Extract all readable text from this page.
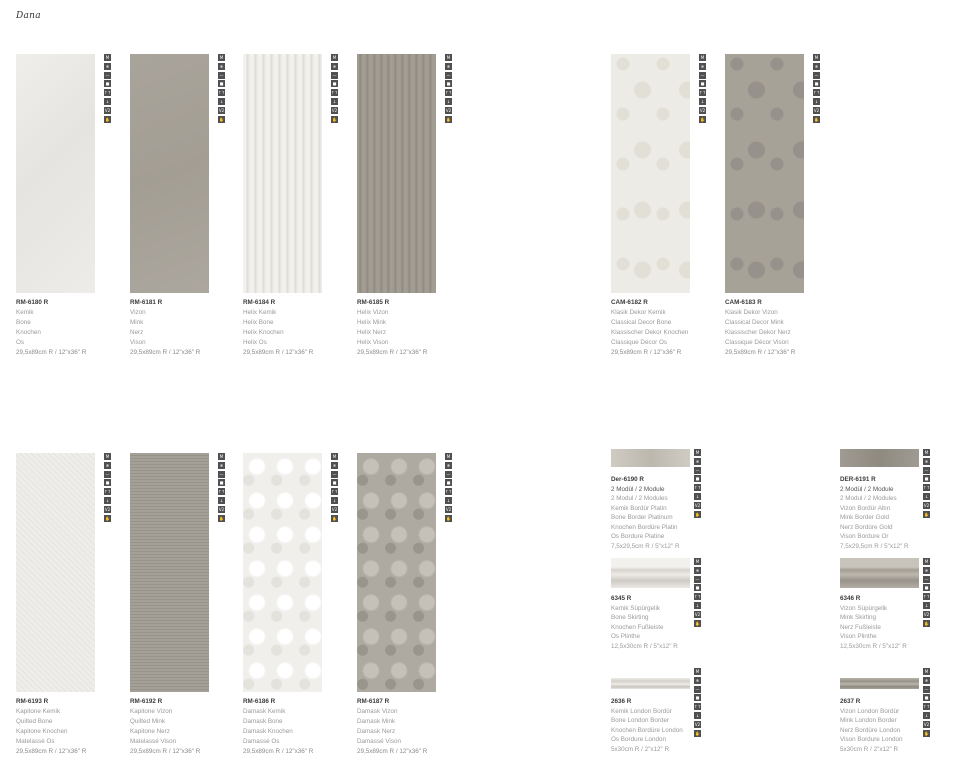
Dana
M
❄
—
■
↑↑
↓
V2
✋
RM-6180 R
Kemik
Bone
Knochen
Os
29,5x89cm R / 12"x36" R
M
❄
—
■
↑↑
↓
V2
✋
RM-6181 R
Vizon
Mink
Nerz
Vison
29,5x89cm R / 12"x36" R
M
❄
—
■
↑↑
↓
V2
✋
RM-6184 R
Helix Kemik
Helix Bone
Helix Knochen
Helix Os
29,5x89cm R / 12"x36" R
M
❄
—
■
↑↑
↓
V2
✋
RM-6185 R
Helix Vizon
Helix Mink
Helix Nerz
Helix Vison
29,5x89cm R / 12"x36" R
M
❄
—
■
↑↑
↓
V2
✋
CAM-6182 R
Klasik Dekor Kemik
Classical Decor Bone
Klassischer Dekor Knochen
Classique Décor Os
29,5x89cm R / 12"x36" R
M
❄
—
■
↑↑
↓
V2
✋
CAM-6183 R
Klasik Dekor Vizon
Classical Decor Mink
Klassischer Dekor Nerz
Classique Décor Vison
29,5x89cm R / 12"x36" R
M
❄
—
■
↑↑
↓
V2
✋
RM-6193 R
Kapitone Kemik
Quilted Bone
Kapitone Knochen
Matelassé Os
29,5x89cm R / 12"x36" R
M
❄
—
■
↑↑
↓
V2
✋
RM-6192 R
Kapitone Vizon
Quilted Mink
Kapitone Nerz
Matelassé Vison
29,5x89cm R / 12"x36" R
M
❄
—
■
↑↑
↓
V2
✋
RM-6186 R
Damask Kemik
Damask Bone
Damask Knochen
Damassé Os
29,5x89cm R / 12"x36" R
M
❄
—
■
↑↑
↓
V2
✋
RM-6187 R
Damask Vizon
Damask Mink
Damask Nerz
Damassé Vison
29,5x89cm R / 12"x36" R
M
❄
—
■
↑↑
↓
V2
✋
Der-6190 R
2 Modül / 2 Module
2 Modul / 2 Modules
Kemik Bordür Platin
Bone Border Platinum
Knochen Bordüre Platin
Os Bordure Platine
7,5x29,5cm R / 5"x12" R
M
❄
—
■
↑↑
↓
V2
✋
DER-6191 R
2 Modül / 2 Module
2 Modul / 2 Modules
Vizon Bordür Altın
Mink Border Gold
Nerz Bordüre Gold
Vison Bordure Or
7,5x29,5cm R / 5"x12" R
M
❄
—
■
↑↑
↓
V2
✋
6345 R
Kemik Süpürgelik
Bone Skirting
Knochen Fußleiste
Os Plinthe
12,5x30cm R / 5"x12" R
M
❄
—
■
↑↑
↓
V2
✋
6346 R
Vizon Süpürgelik
Mink Skirting
Nerz Fußleiste
Vison Plinthe
12,5x30cm R / 5"x12" R
M
❄
—
■
↑↑
↓
V2
✋
2636 R
Kemik London Bordür
Bone London Border
Knochen Bordüre London
Os Bordure London
5x30cm R / 2"x12" R
M
❄
—
■
↑↑
↓
V2
✋
2637 R
Vizon London Bordür
Mink London Border
Nerz Bordüre London
Vison Bordure London
5x30cm R / 2"x12" R
